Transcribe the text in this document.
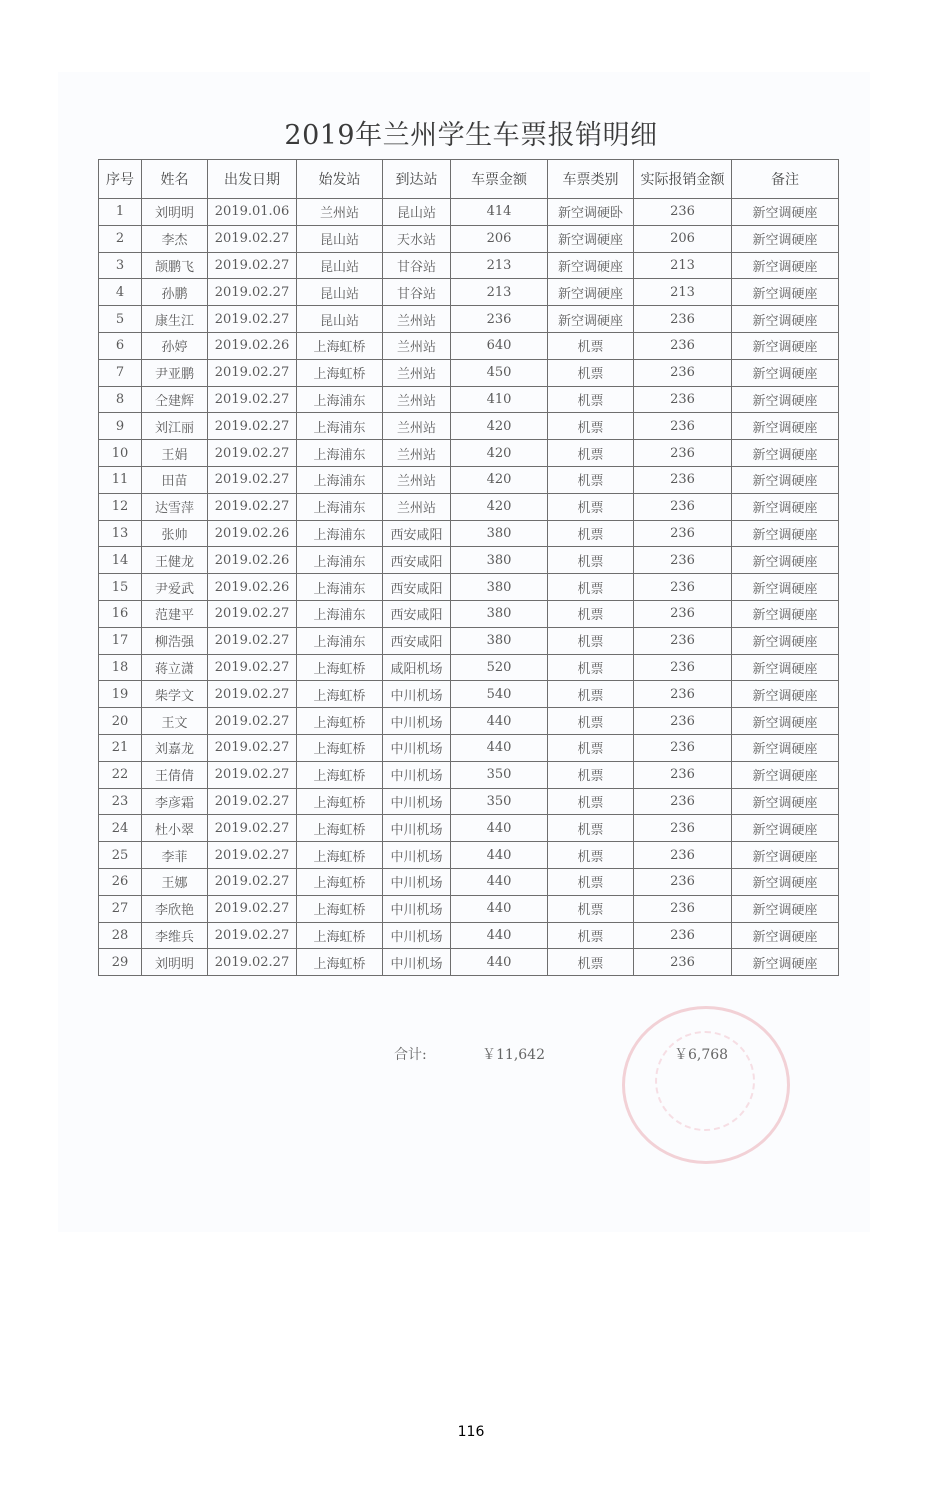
2019年兰州学生车票报销明细
序号	姓名	出发日期	始发站	到达站	车票金额	车票类别	实际报销金额	备注
1	刘明明	2019.01.06	兰州站	昆山站	414	新空调硬卧	236	新空调硬座
2	李杰	2019.02.27	昆山站	天水站	206	新空调硬座	206	新空调硬座
3	颉鹏飞	2019.02.27	昆山站	甘谷站	213	新空调硬座	213	新空调硬座
4	孙鹏	2019.02.27	昆山站	甘谷站	213	新空调硬座	213	新空调硬座
5	康生江	2019.02.27	昆山站	兰州站	236	新空调硬座	236	新空调硬座
6	孙婷	2019.02.26	上海虹桥	兰州站	640	机票	236	新空调硬座
7	尹亚鹏	2019.02.27	上海虹桥	兰州站	450	机票	236	新空调硬座
8	仝建辉	2019.02.27	上海浦东	兰州站	410	机票	236	新空调硬座
9	刘江丽	2019.02.27	上海浦东	兰州站	420	机票	236	新空调硬座
10	王娟	2019.02.27	上海浦东	兰州站	420	机票	236	新空调硬座
11	田苗	2019.02.27	上海浦东	兰州站	420	机票	236	新空调硬座
12	达雪萍	2019.02.27	上海浦东	兰州站	420	机票	236	新空调硬座
13	张帅	2019.02.26	上海浦东	西安咸阳	380	机票	236	新空调硬座
14	王健龙	2019.02.26	上海浦东	西安咸阳	380	机票	236	新空调硬座
15	尹爱武	2019.02.26	上海浦东	西安咸阳	380	机票	236	新空调硬座
16	范建平	2019.02.27	上海浦东	西安咸阳	380	机票	236	新空调硬座
17	柳浩强	2019.02.27	上海浦东	西安咸阳	380	机票	236	新空调硬座
18	蒋立潇	2019.02.27	上海虹桥	咸阳机场	520	机票	236	新空调硬座
19	柴学文	2019.02.27	上海虹桥	中川机场	540	机票	236	新空调硬座
20	王文	2019.02.27	上海虹桥	中川机场	440	机票	236	新空调硬座
21	刘嘉龙	2019.02.27	上海虹桥	中川机场	440	机票	236	新空调硬座
22	王倩倩	2019.02.27	上海虹桥	中川机场	350	机票	236	新空调硬座
23	李彦霜	2019.02.27	上海虹桥	中川机场	350	机票	236	新空调硬座
24	杜小翠	2019.02.27	上海虹桥	中川机场	440	机票	236	新空调硬座
25	李菲	2019.02.27	上海虹桥	中川机场	440	机票	236	新空调硬座
26	王娜	2019.02.27	上海虹桥	中川机场	440	机票	236	新空调硬座
27	李欣艳	2019.02.27	上海虹桥	中川机场	440	机票	236	新空调硬座
28	李维兵	2019.02.27	上海虹桥	中川机场	440	机票	236	新空调硬座
29	刘明明	2019.02.27	上海虹桥	中川机场	440	机票	236	新空调硬座
合计:	￥11,642	￥6,768
116
